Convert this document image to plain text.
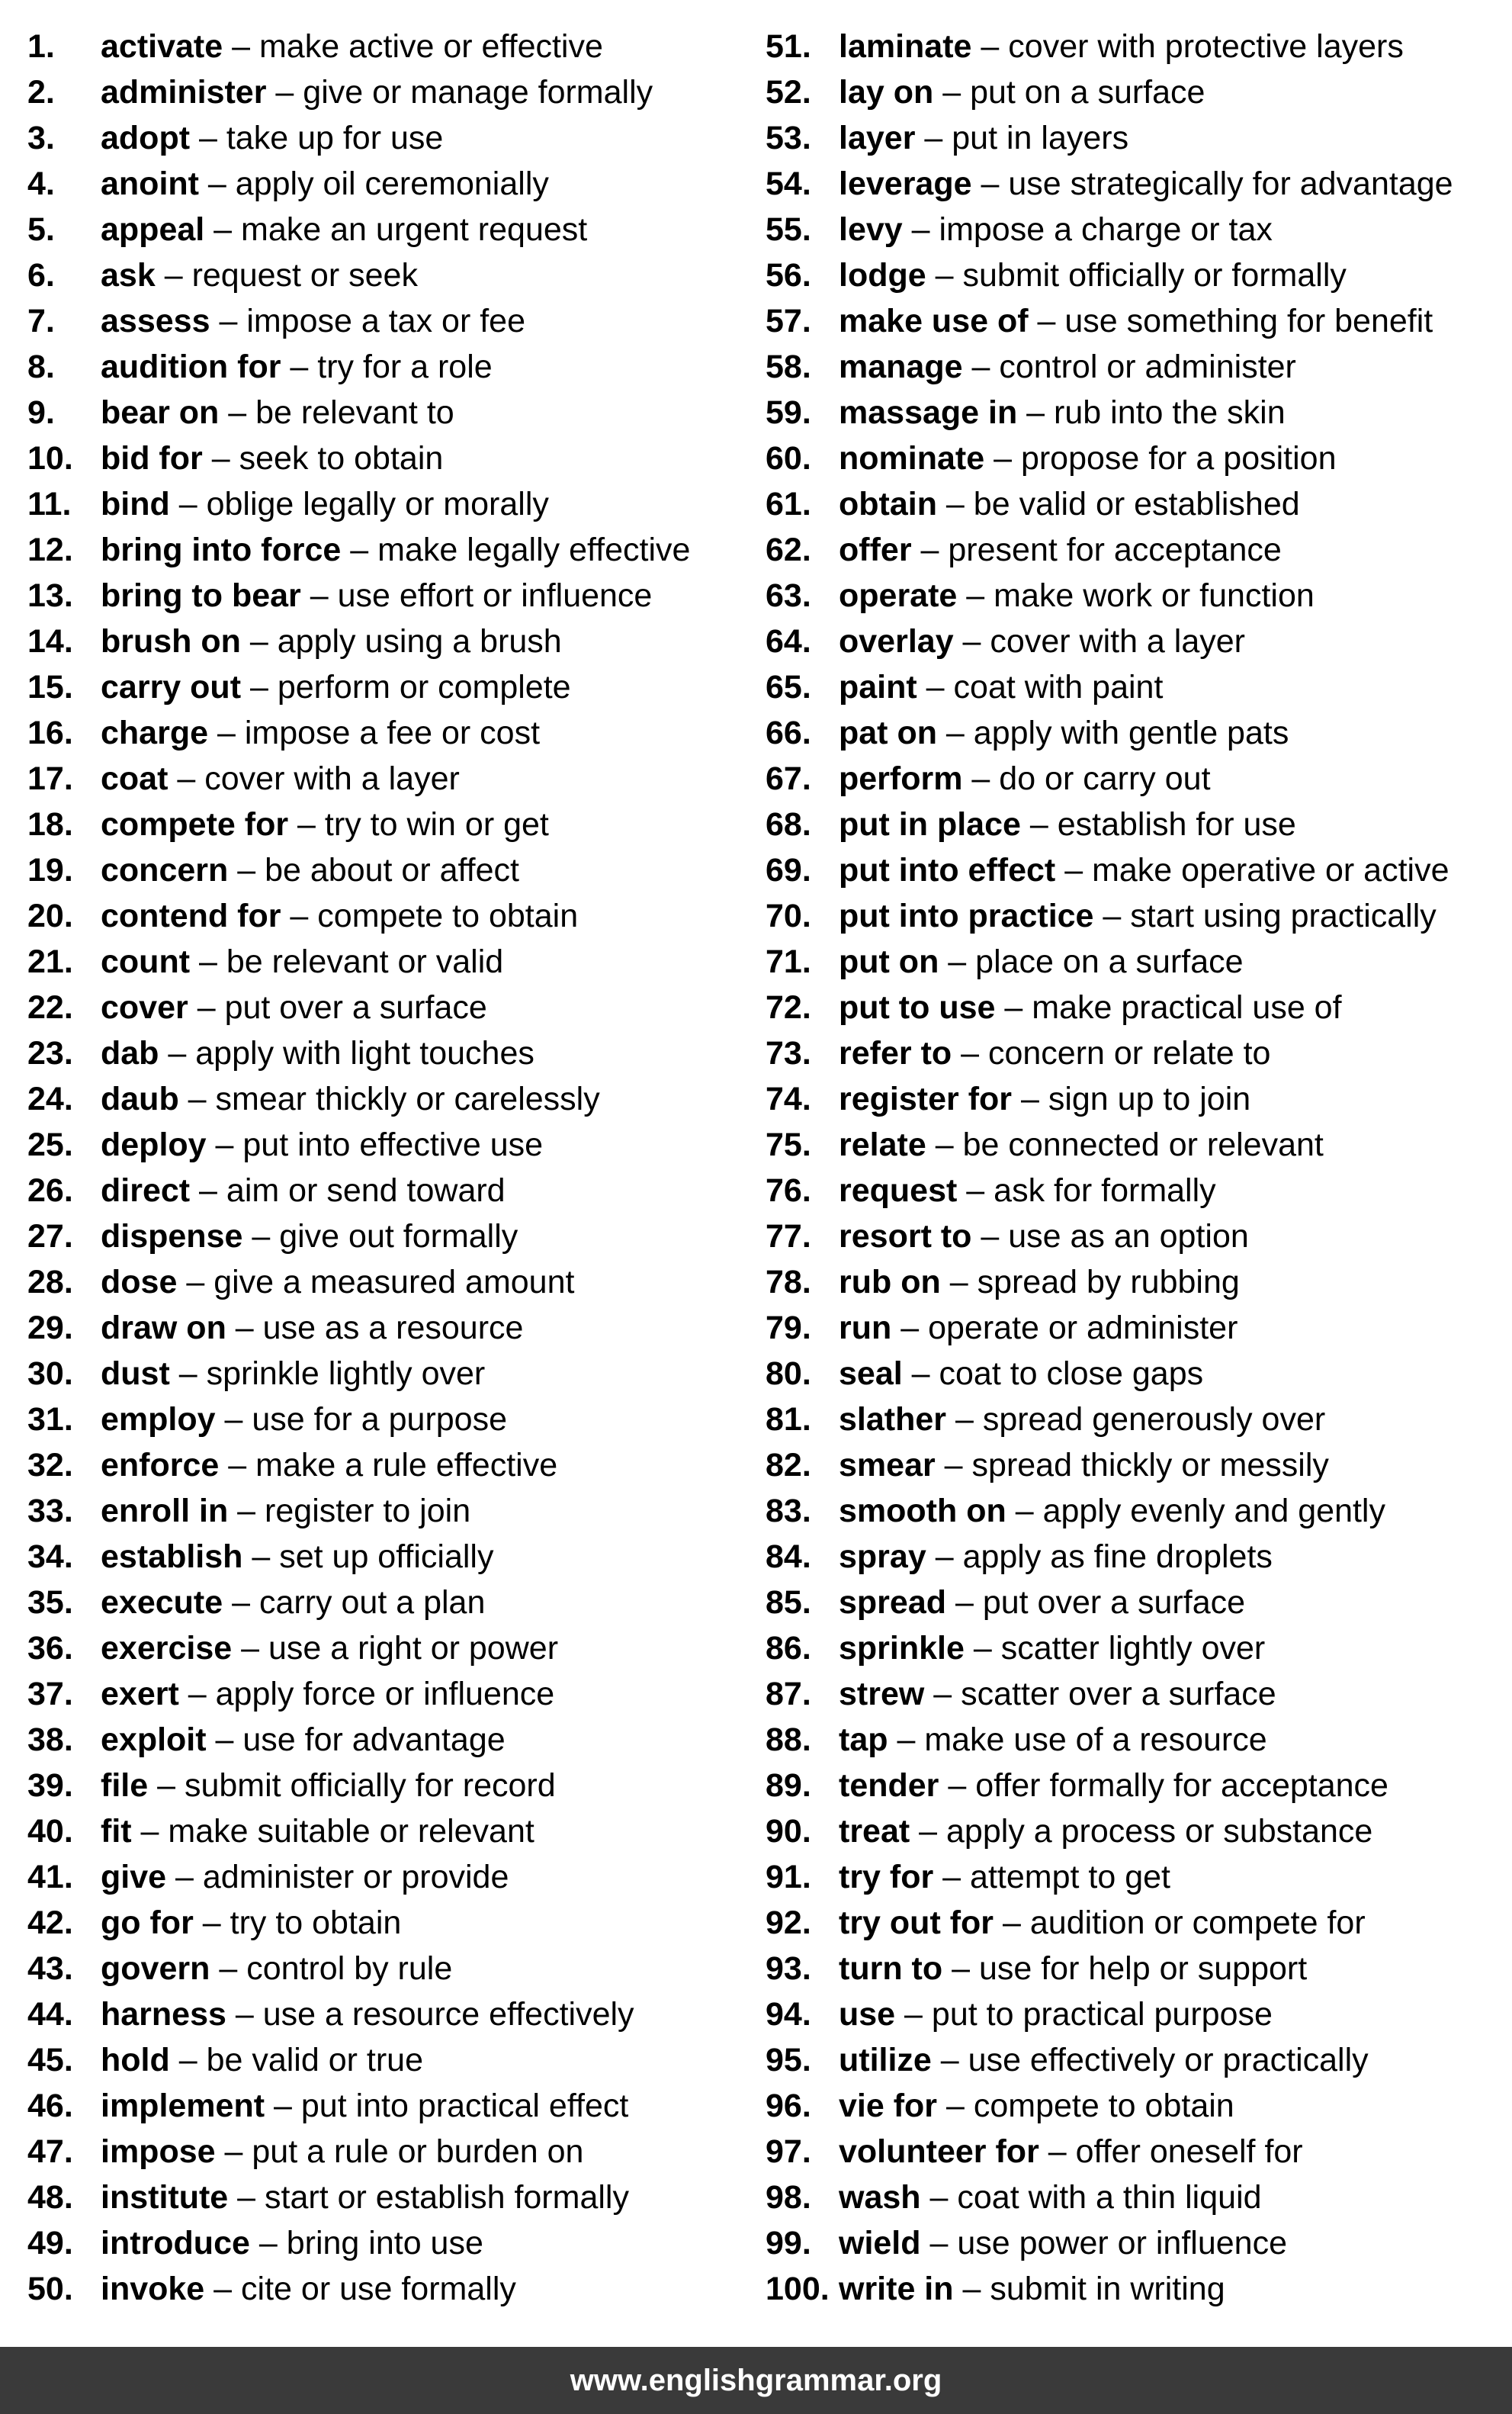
1. activate – make active or effective
2. administer – give or manage formally
3. adopt – take up for use
4. anoint – apply oil ceremonially
5. appeal – make an urgent request
6. ask – request or seek
7. assess – impose a tax or fee
8. audition for – try for a role
9. bear on – be relevant to
10. bid for – seek to obtain
11. bind – oblige legally or morally
12. bring into force – make legally effective
13. bring to bear – use effort or influence
14. brush on – apply using a brush
15. carry out – perform or complete
16. charge – impose a fee or cost
17. coat – cover with a layer
18. compete for – try to win or get
19. concern – be about or affect
20. contend for – compete to obtain
21. count – be relevant or valid
22. cover – put over a surface
23. dab – apply with light touches
24. daub – smear thickly or carelessly
25. deploy – put into effective use
26. direct – aim or send toward
27. dispense – give out formally
28. dose – give a measured amount
29. draw on – use as a resource
30. dust – sprinkle lightly over
31. employ – use for a purpose
32. enforce – make a rule effective
33. enroll in – register to join
34. establish – set up officially
35. execute – carry out a plan
36. exercise – use a right or power
37. exert – apply force or influence
38. exploit – use for advantage
39. file – submit officially for record
40. fit – make suitable or relevant
41. give – administer or provide
42. go for – try to obtain
43. govern – control by rule
44. harness – use a resource effectively
45. hold – be valid or true
46. implement – put into practical effect
47. impose – put a rule or burden on
48. institute – start or establish formally
49. introduce – bring into use
50. invoke – cite or use formally
51. laminate – cover with protective layers
52. lay on – put on a surface
53. layer – put in layers
54. leverage – use strategically for advantage
55. levy – impose a charge or tax
56. lodge – submit officially or formally
57. make use of – use something for benefit
58. manage – control or administer
59. massage in – rub into the skin
60. nominate – propose for a position
61. obtain – be valid or established
62. offer – present for acceptance
63. operate – make work or function
64. overlay – cover with a layer
65. paint – coat with paint
66. pat on – apply with gentle pats
67. perform – do or carry out
68. put in place – establish for use
69. put into effect – make operative or active
70. put into practice – start using practically
71. put on – place on a surface
72. put to use – make practical use of
73. refer to – concern or relate to
74. register for – sign up to join
75. relate – be connected or relevant
76. request – ask for formally
77. resort to – use as an option
78. rub on – spread by rubbing
79. run – operate or administer
80. seal – coat to close gaps
81. slather – spread generously over
82. smear – spread thickly or messily
83. smooth on – apply evenly and gently
84. spray – apply as fine droplets
85. spread – put over a surface
86. sprinkle – scatter lightly over
87. strew – scatter over a surface
88. tap – make use of a resource
89. tender – offer formally for acceptance
90. treat – apply a process or substance
91. try for – attempt to get
92. try out for – audition or compete for
93. turn to – use for help or support
94. use – put to practical purpose
95. utilize – use effectively or practically
96. vie for – compete to obtain
97. volunteer for – offer oneself for
98. wash – coat with a thin liquid
99. wield – use power or influence
100. write in – submit in writing
www.englishgrammar.org
